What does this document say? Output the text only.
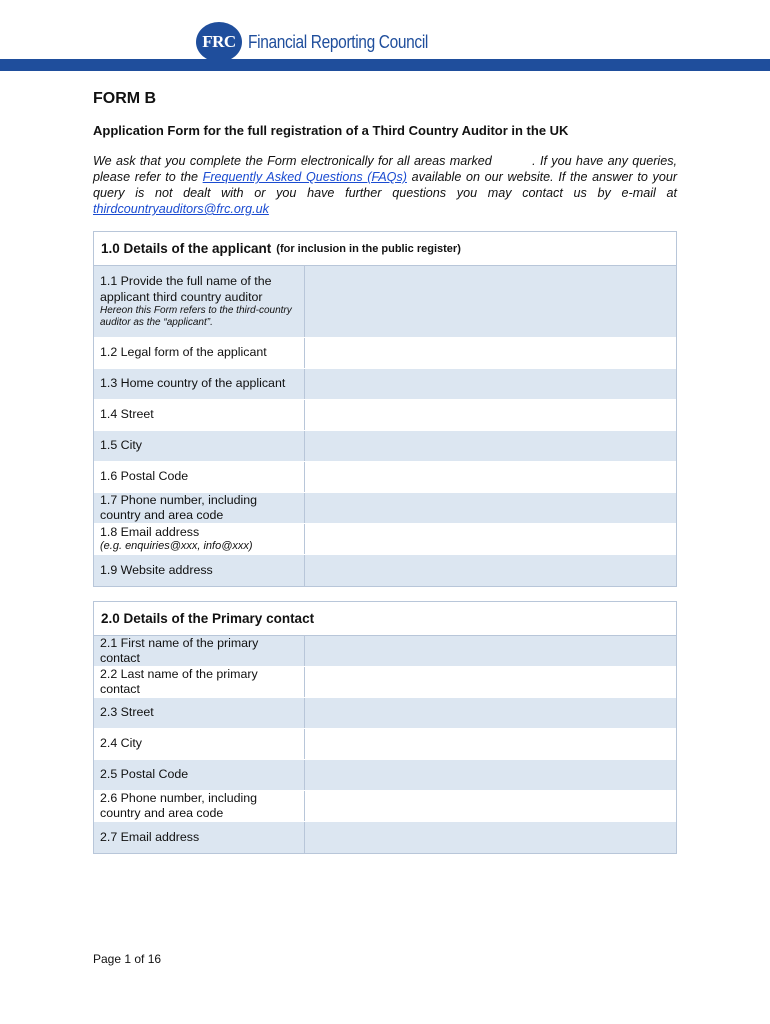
FRC Financial Reporting Council
FORM B
Application Form for the full registration of a Third Country Auditor in the UK
We ask that you complete the Form electronically for all areas marked	. If you have any queries, please refer to the Frequently Asked Questions (FAQs) available on our website. If the answer to your query is not dealt with or you have further questions you may contact us by e-mail at thirdcountryauditors@frc.org.uk
1.0 Details of the applicant (for inclusion in the public register)
1.1 Provide the full name of the applicant third country auditor
Hereon this Form refers to the third-country auditor as the “applicant”.
1.2 Legal form of the applicant
1.3 Home country of the applicant
1.4 Street
1.5 City
1.6 Postal Code
1.7 Phone number, including country and area code
1.8 Email address
(e.g. enquiries@xxx, info@xxx)
1.9 Website address
2.0 Details of the Primary contact
2.1 First name of the primary contact
2.2 Last name of the primary contact
2.3 Street
2.4 City
2.5 Postal Code
2.6 Phone number, including country and area code
2.7 Email address
Page 1 of 16
